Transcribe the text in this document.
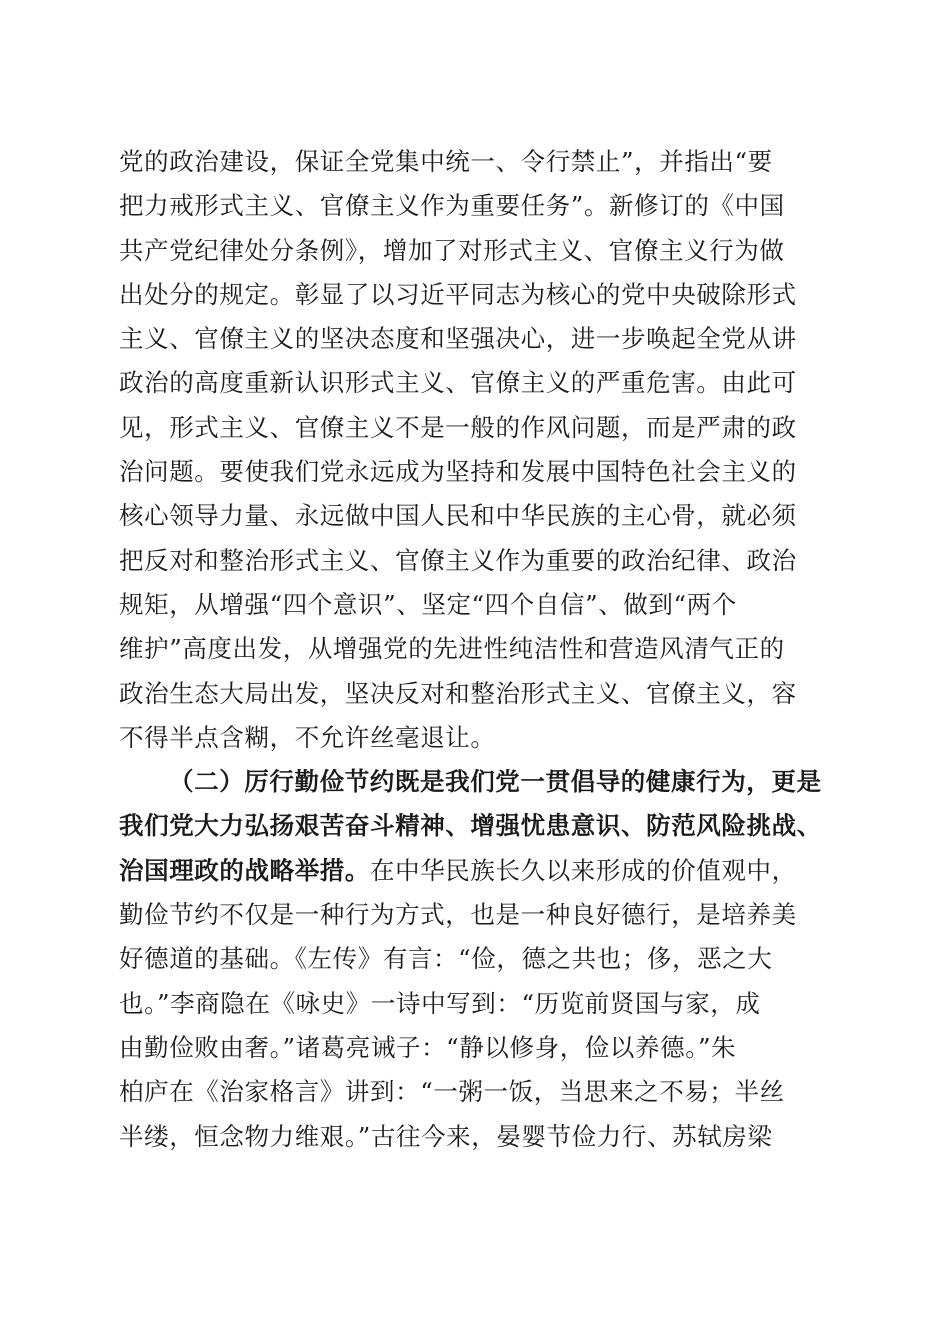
党的政治建设，保证全党集中统一、令行禁止”，并指出“要
把力戒形式主义、官僚主义作为重要任务”。新修订的《中国
共产党纪律处分条例》，增加了对形式主义、官僚主义行为做
出处分的规定。彰显了以习近平同志为核心的党中央破除形式
主义、官僚主义的坚决态度和坚强决心，进一步唤起全党从讲
政治的高度重新认识形式主义、官僚主义的严重危害。由此可
见，形式主义、官僚主义不是一般的作风问题，而是严肃的政
治问题。要使我们党永远成为坚持和发展中国特色社会主义的
核心领导力量、永远做中国人民和中华民族的主心骨，就必须
把反对和整治形式主义、官僚主义作为重要的政治纪律、政治
规矩，从增强“四个意识”、坚定“四个自信”、做到“两个
维护”高度出发，从增强党的先进性纯洁性和营造风清气正的
政治生态大局出发，坚决反对和整治形式主义、官僚主义，容
不得半点含糊，不允许丝毫退让。
（二）厉行勤俭节约既是我们党一贯倡导的健康行为，更是
我们党大力弘扬艰苦奋斗精神、增强忧患意识、防范风险挑战、
治国理政的战略举措。在中华民族长久以来形成的价值观中，
勤俭节约不仅是一种行为方式，也是一种良好德行，是培养美
好德道的基础。《左传》有言：“俭，德之共也；侈，恶之大
也。”李商隐在《咏史》一诗中写到：“历览前贤国与家，成
由勤俭败由奢。”诸葛亮诫子：“静以修身，俭以养德。”朱
柏庐在《治家格言》讲到：“一粥一饭，当思来之不易；半丝
半缕，恒念物力维艰。”古往今来，晏婴节俭力行、苏轼房梁
